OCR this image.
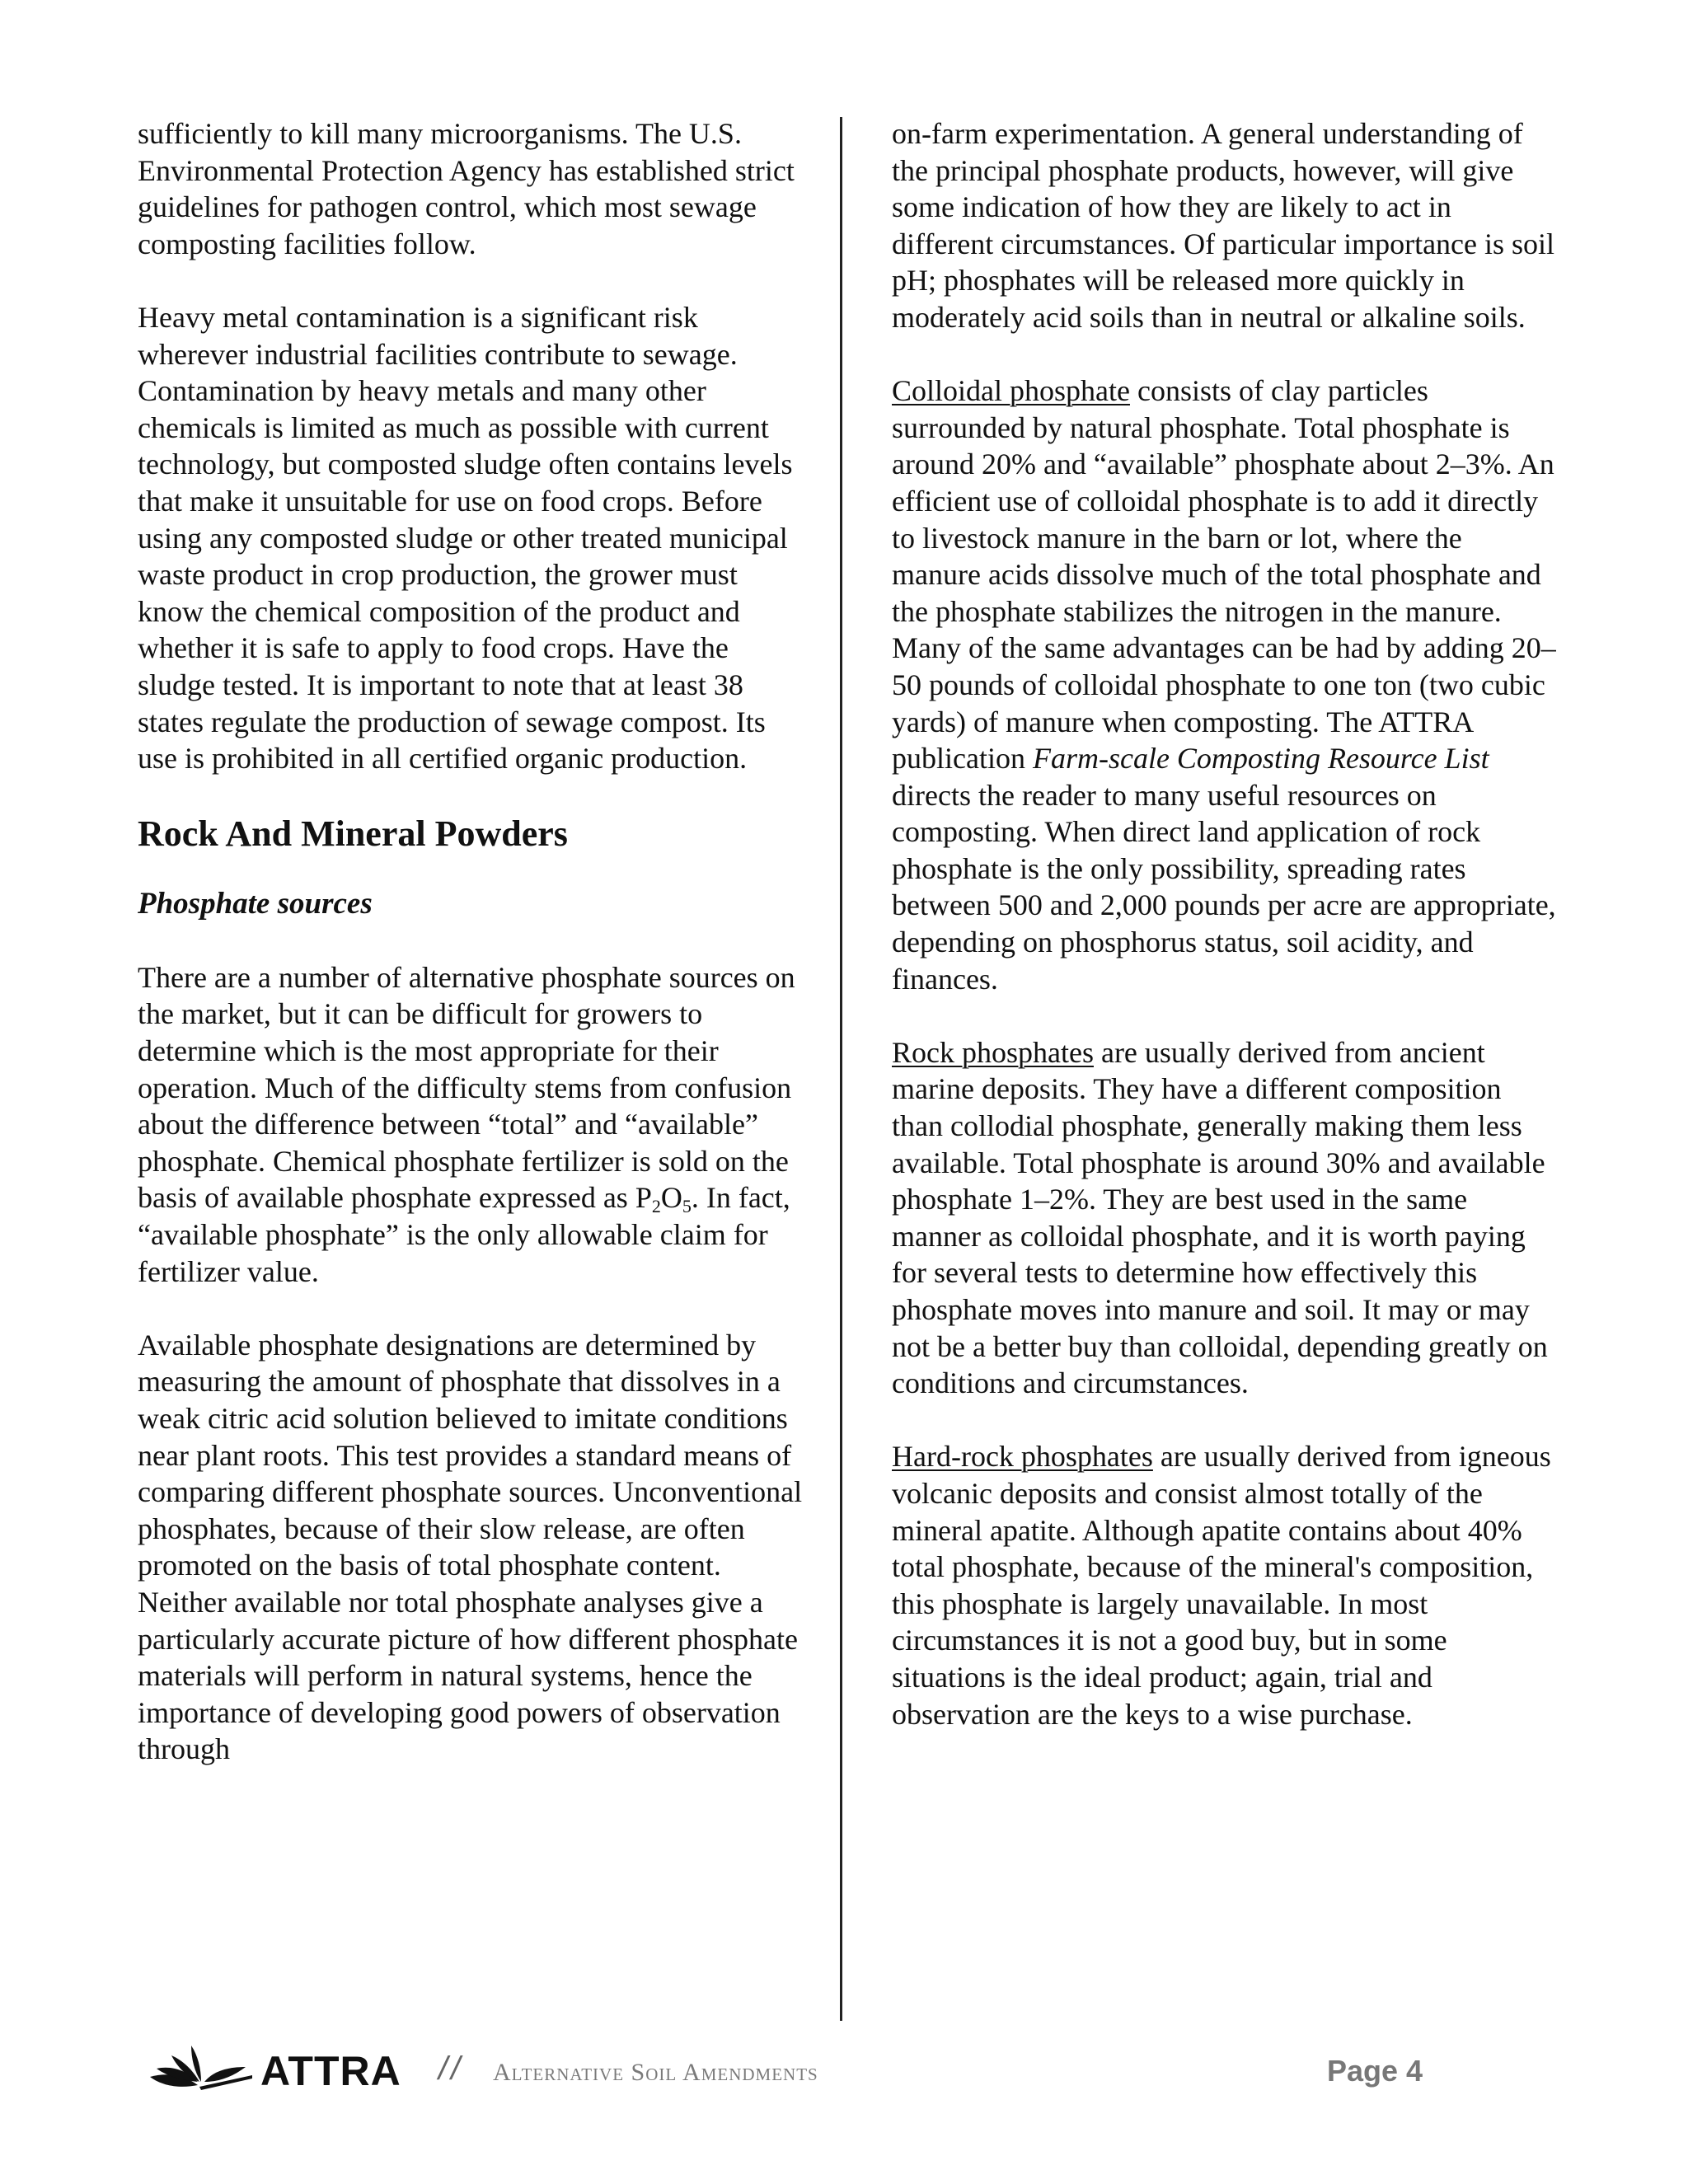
sufficiently to kill many microorganisms. The U.S. Environmental Protection Agency has established strict guidelines for pathogen control, which most sewage composting facilities follow.

Heavy metal contamination is a significant risk wherever industrial facilities contribute to sewage. Contamination by heavy metals and many other chemicals is limited as much as possible with current technology, but composted sludge often contains levels that make it unsuitable for use on food crops. Before using any composted sludge or other treated municipal waste product in crop production, the grower must know the chemical composition of the product and whether it is safe to apply to food crops. Have the sludge tested. It is important to note that at least 38 states regulate the production of sewage compost. Its use is prohibited in all certified organic production.

Rock And Mineral Powders
Phosphate sources

There are a number of alternative phosphate sources on the market, but it can be difficult for growers to determine which is the most appropriate for their operation. Much of the difficulty stems from confusion about the difference between “total” and “available” phosphate. Chemical phosphate fertilizer is sold on the basis of available phosphate expressed as $P_2O_5$. In fact, “available phosphate” is the only allowable claim for fertilizer value.

Available phosphate designations are determined by measuring the amount of phosphate that dissolves in a weak citric acid solution believed to imitate conditions near plant roots. This test provides a standard means of comparing different phosphate sources. Unconventional phosphates, because of their slow release, are often promoted on the basis of total phosphate content. Neither available nor total phosphate analyses give a particularly accurate picture of how different phosphate materials will perform in natural systems, hence the importance of developing good powers of observation through

on-farm experimentation. A general understanding of the principal phosphate products, however, will give some indication of how they are likely to act in different circumstances. Of particular importance is soil pH; phosphates will be released more quickly in moderately acid soils than in neutral or alkaline soils.

Colloidal phosphate consists of clay particles surrounded by natural phosphate. Total phosphate is around 20% and “available” phosphate about 2–3%. An efficient use of colloidal phosphate is to add it directly to livestock manure in the barn or lot, where the manure acids dissolve much of the total phosphate and the phosphate stabilizes the nitrogen in the manure. Many of the same advantages can be had by adding 20–50 pounds of colloidal phosphate to one ton (two cubic yards) of manure when composting. The ATTRA publication Farm-scale Composting Resource List directs the reader to many useful resources on composting. When direct land application of rock phosphate is the only possibility, spreading rates between 500 and 2,000 pounds per acre are appropriate, depending on phosphorus status, soil acidity, and finances.

Rock phosphates are usually derived from ancient marine deposits. They have a different composition than collodial phosphate, generally making them less available. Total phosphate is around 30% and available phosphate 1–2%. They are best used in the same manner as colloidal phosphate, and it is worth paying for several tests to determine how effectively this phosphate moves into manure and soil. It may or may not be a better buy than colloidal, depending greatly on conditions and circumstances.

Hard-rock phosphates are usually derived from igneous volcanic deposits and consist almost totally of the mineral apatite. Although apatite contains about 40% total phosphate, because of the mineral's composition, this phosphate is largely unavailable. In most circumstances it is not a good buy, but in some situations is the ideal product; again, trial and observation are the keys to a wise purchase.

ATTRA // Alternative Soil Amendments	Page 4
